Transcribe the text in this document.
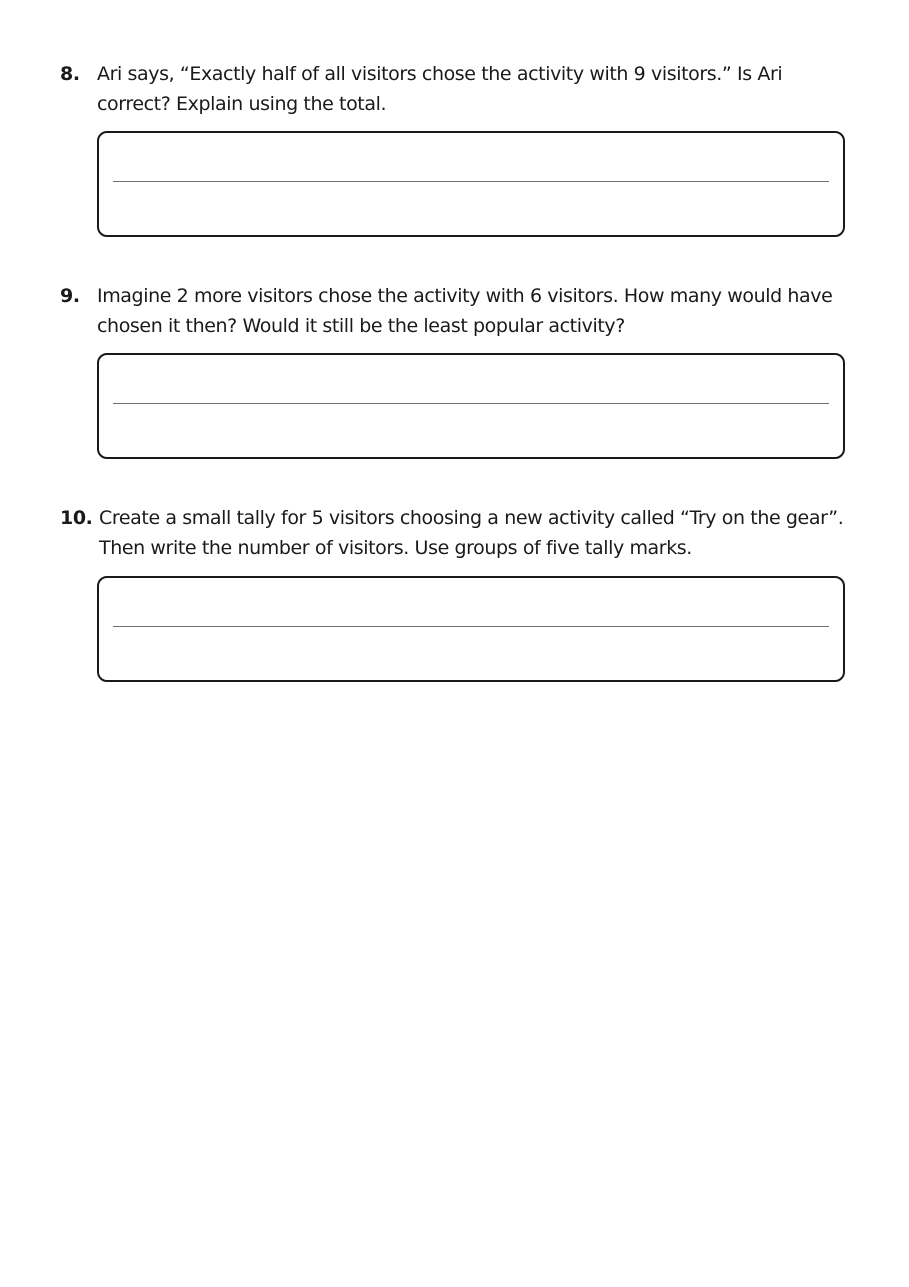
8. Ari says, “Exactly half of all visitors chose the activity with 9 visitors.” Is Ari correct? Explain using the total.
9. Imagine 2 more visitors chose the activity with 6 visitors. How many would have chosen it then? Would it still be the least popular activity?
10. Create a small tally for 5 visitors choosing a new activity called “Try on the gear”. Then write the number of visitors. Use groups of five tally marks.
